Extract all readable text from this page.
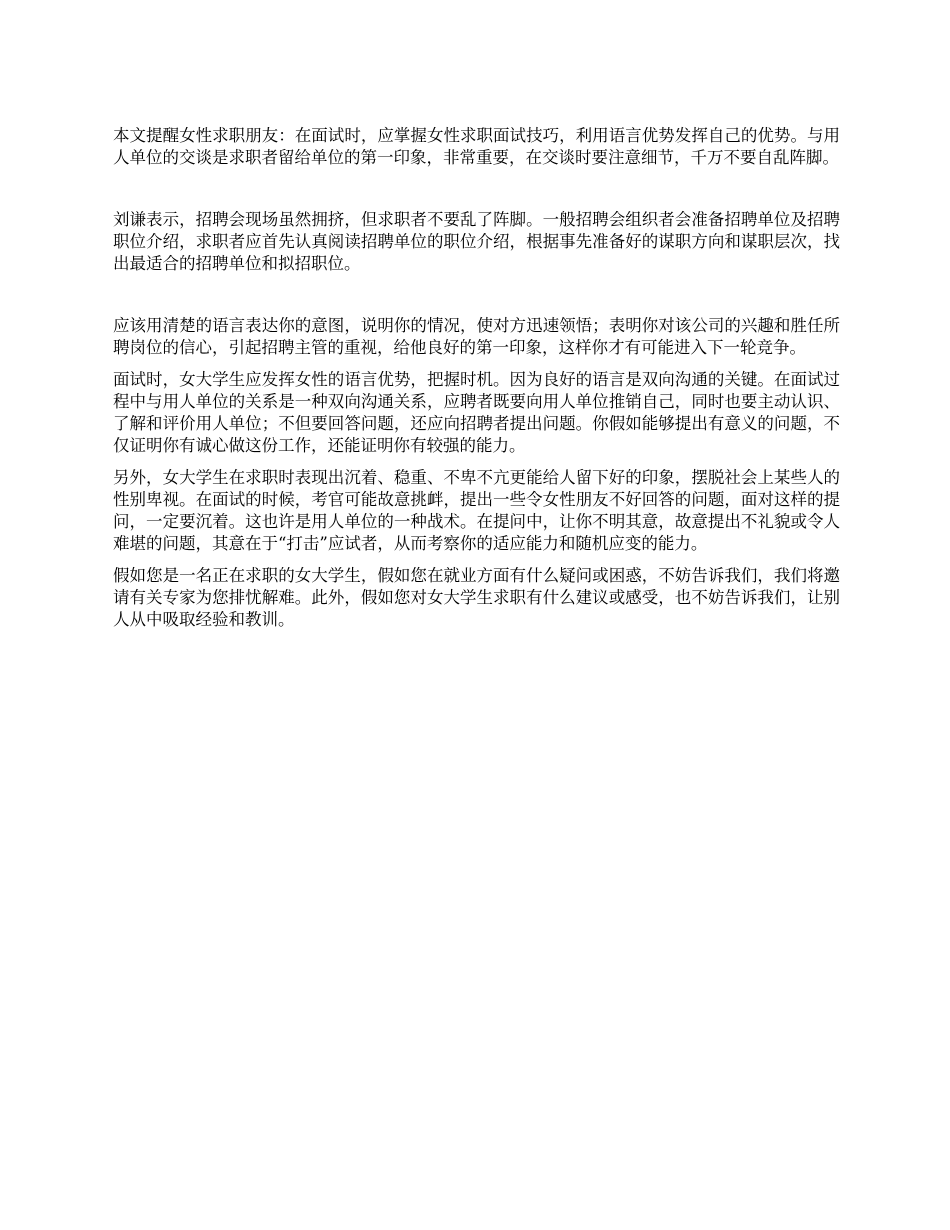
本文提醒女性求职朋友：在面试时，应掌握女性求职面试技巧，利用语言优势发挥自己的优势。与用人单位的交谈是求职者留给单位的第一印象，非常重要，在交谈时要注意细节，千万不要自乱阵脚。

刘谦表示，招聘会现场虽然拥挤，但求职者不要乱了阵脚。一般招聘会组织者会准备招聘单位及招聘职位介绍，求职者应首先认真阅读招聘单位的职位介绍，根据事先准备好的谋职方向和谋职层次，找出最适合的招聘单位和拟招职位。

应该用清楚的语言表达你的意图，说明你的情况，使对方迅速领悟；表明你对该公司的兴趣和胜任所聘岗位的信心，引起招聘主管的重视，给他良好的第一印象，这样你才有可能进入下一轮竞争。

面试时，女大学生应发挥女性的语言优势，把握时机。因为良好的语言是双向沟通的关键。在面试过程中与用人单位的关系是一种双向沟通关系，应聘者既要向用人单位推销自己，同时也要主动认识、了解和评价用人单位；不但要回答问题，还应向招聘者提出问题。你假如能够提出有意义的问题，不仅证明你有诚心做这份工作，还能证明你有较强的能力。

另外，女大学生在求职时表现出沉着、稳重、不卑不亢更能给人留下好的印象，摆脱社会上某些人的性别卑视。在面试的时候，考官可能故意挑衅，提出一些令女性朋友不好回答的问题，面对这样的提问，一定要沉着。这也许是用人单位的一种战术。在提问中，让你不明其意，故意提出不礼貌或令人难堪的问题，其意在于“打击”应试者，从而考察你的适应能力和随机应变的能力。

假如您是一名正在求职的女大学生，假如您在就业方面有什么疑问或困惑，不妨告诉我们，我们将邀请有关专家为您排忧解难。此外，假如您对女大学生求职有什么建议或感受，也不妨告诉我们，让别人从中吸取经验和教训。
